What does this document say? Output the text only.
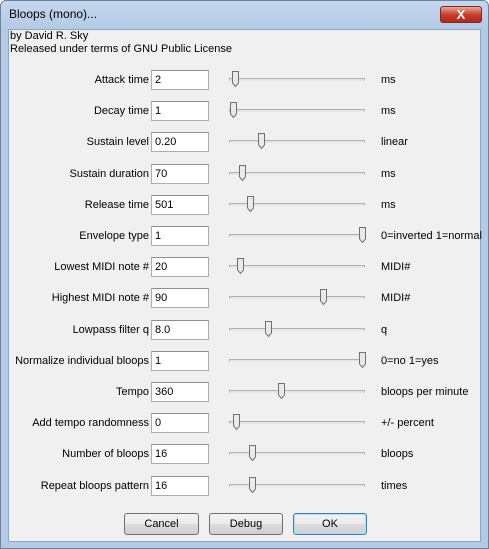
Bloops (mono)...	X
by David R. Sky
Released under terms of GNU Public License
Attack time
2	ms
Decay time
1	ms
Sustain level
0.20	linear
Sustain duration
70	ms
Release time
501	ms
Envelope type
1	0=inverted 1=normal
Lowest MIDI note #
20	MIDI#
Highest MIDI note #
90	MIDI#
Lowpass filter q
8.0	q
Normalize individual bloops
1	0=no 1=yes
Tempo
360	bloops per minute
Add tempo randomness
0	+/- percent
Number of bloops
16	bloops
Repeat bloops pattern
16	times
Cancel	Debug	OK
